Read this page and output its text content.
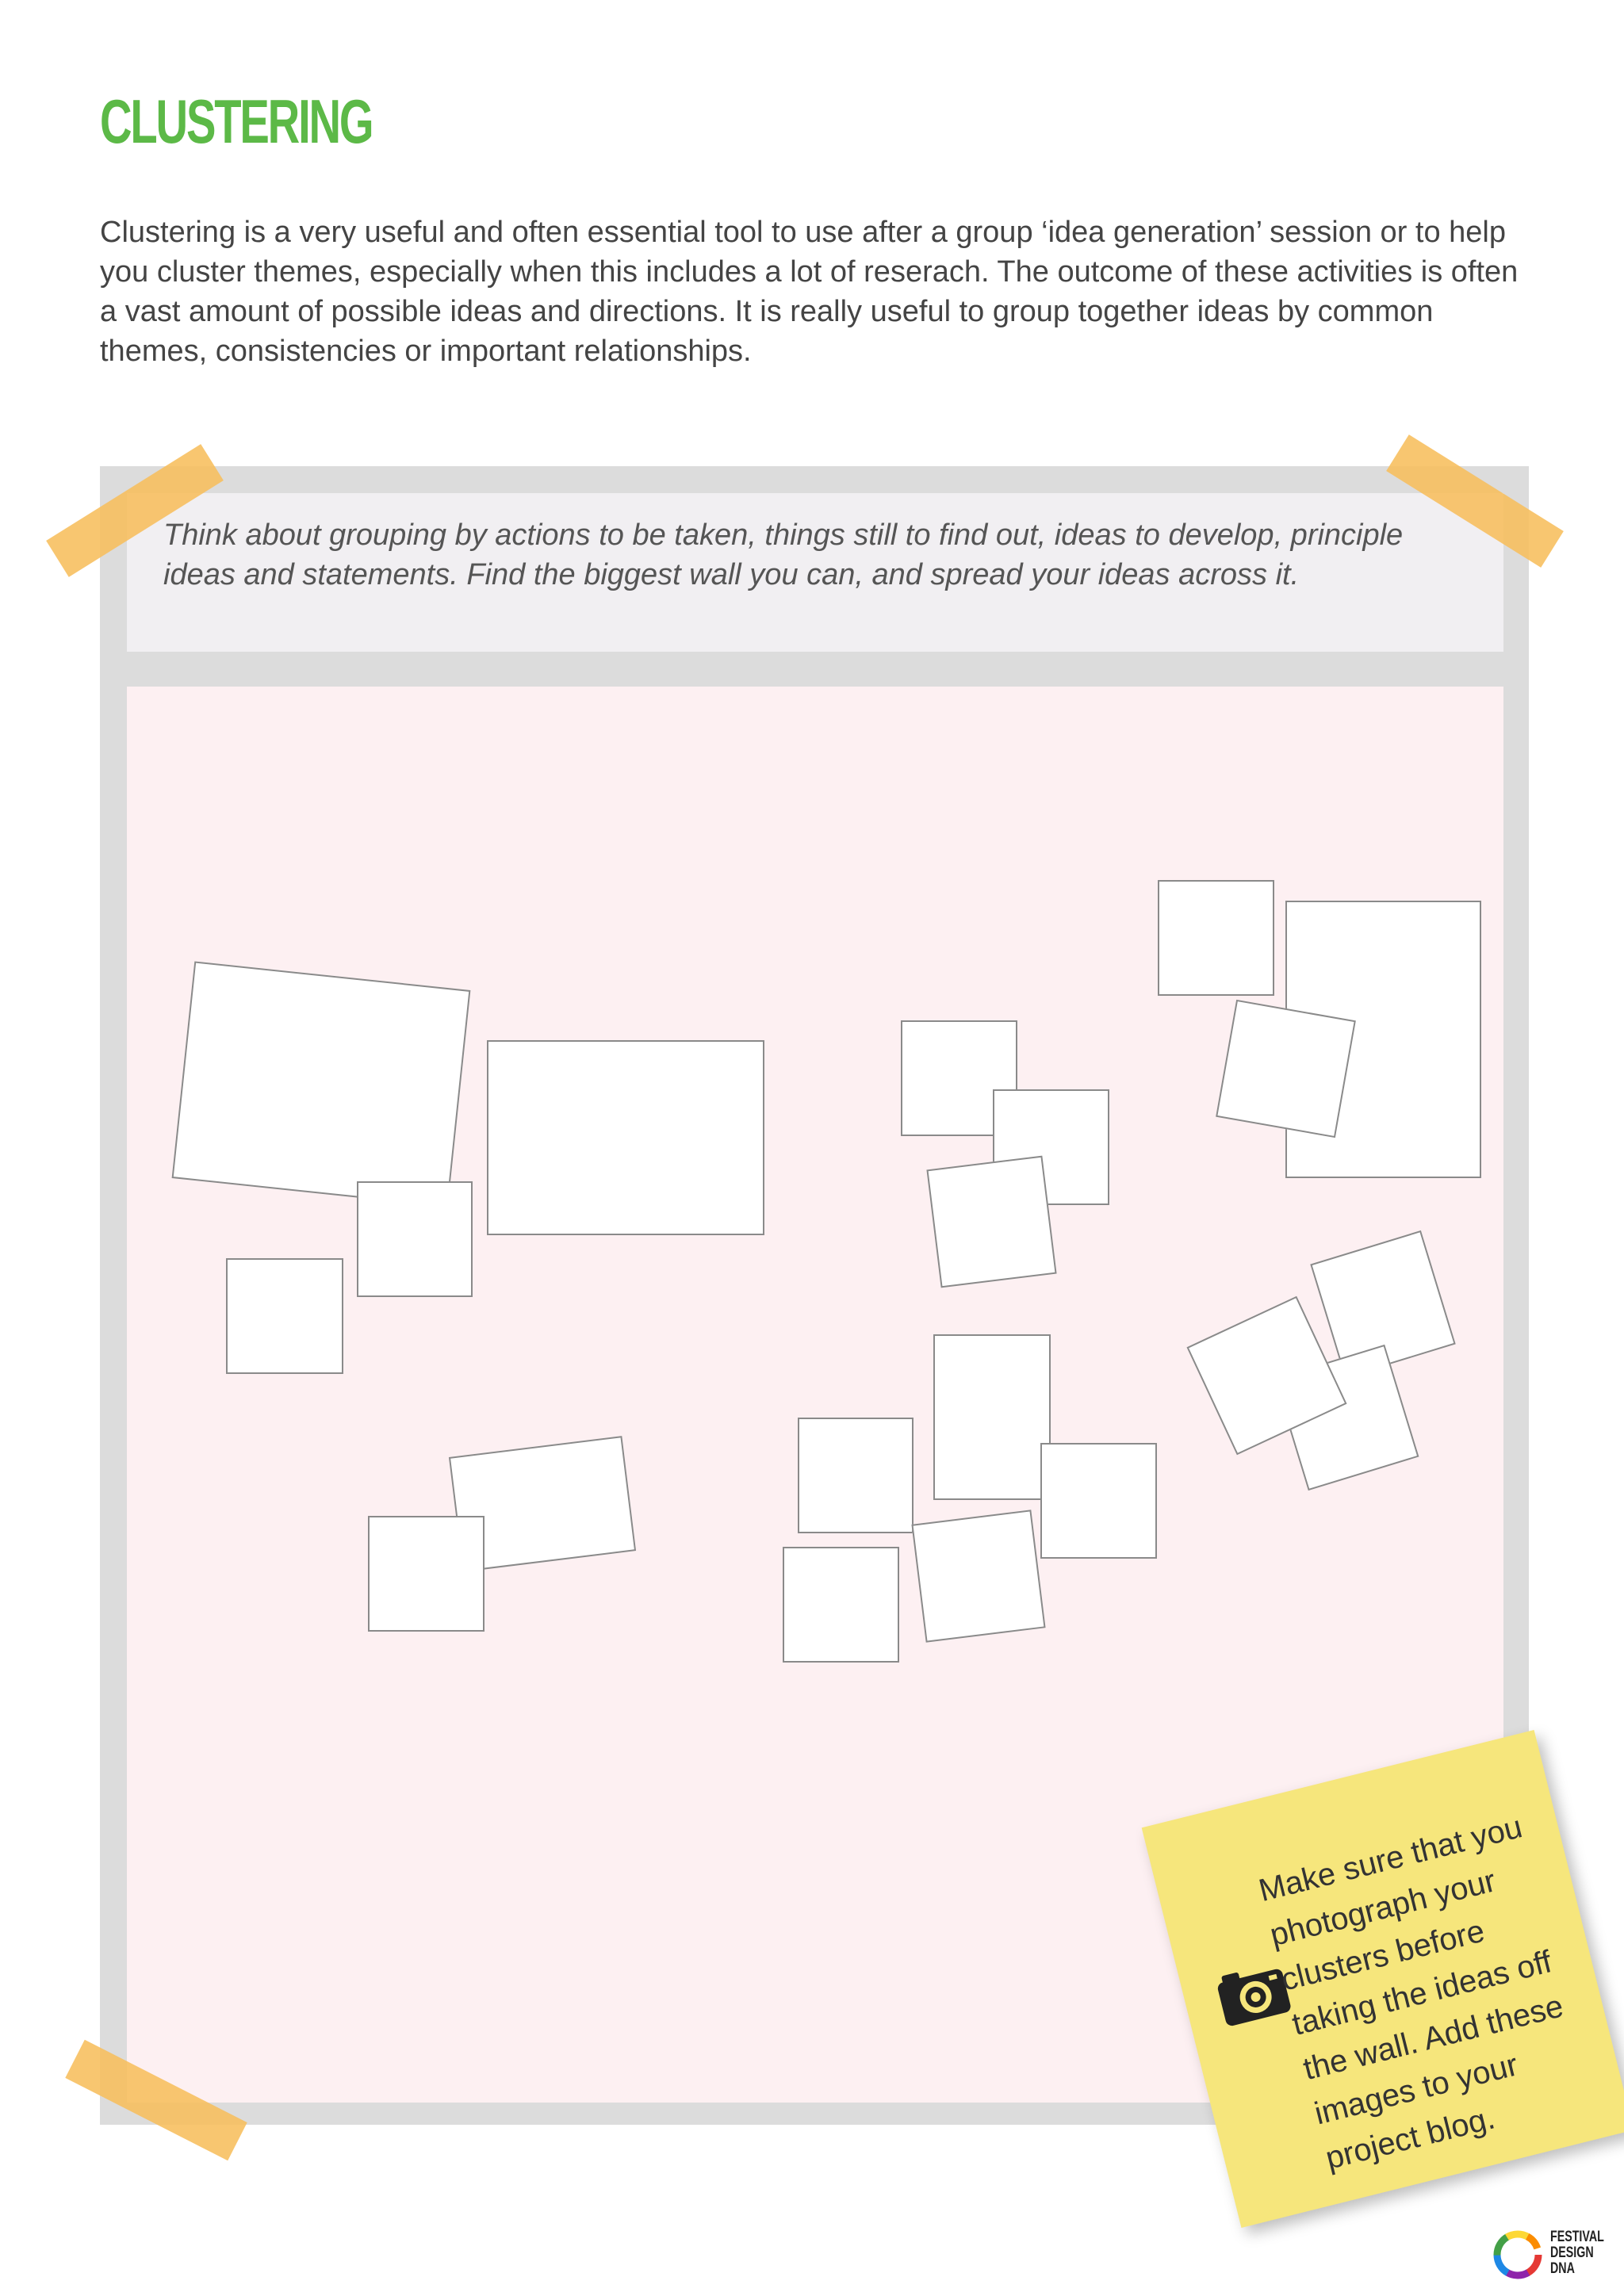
CLUSTERING

Clustering is a very useful and often essential tool to use after a group ‘idea generation’ session or to help you cluster themes, especially when this includes a lot of reserach. The outcome of these activities is often a vast amount of possible ideas and directions. It is really useful to group together ideas by common themes, consistencies or important relationships.

Think about grouping by actions to be taken, things still to find out, ideas to develop, principle ideas and statements. Find the biggest wall you can, and spread your ideas across it.

Make sure that you photograph your clusters before taking the ideas off the wall. Add these images to your project blog.

FESTIVAL
DESIGN
DNA
